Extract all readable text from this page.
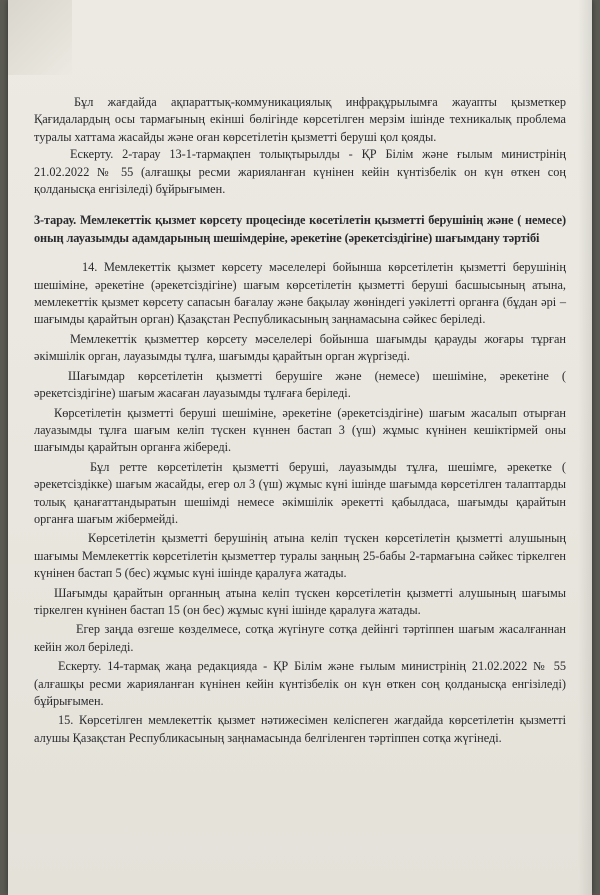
Бұл жағдайда ақпараттық-коммуникациялық инфрақұрылымға жауапты қызметкер Қағидалардың осы тармағының екінші бөлігінде көрсетілген мерзім ішінде техникалық проблема туралы хаттама жасайды және оған көрсетілетін қызметті беруші қол қояды.

Ескерту. 2-тарау 13-1-тармақпен толықтырылды - ҚР Білім және ғылым министрінің 21.02.2022 № 55 (алғашқы ресми жарияланған күнінен кейін күнтізбелік он күн өткен соң қолданысқа енгізіледі) бұйрығымен.

3-тарау. Мемлекеттік қызмет көрсету процесінде көсетілетін қызметті берушінің және ( немесе) оның лауазымды адамдарының шешімдеріне, әрекетіне (әрекетсіздігіне) шағымдану тәртібі

14. Мемлекеттік қызмет көрсету мәселелері бойынша көрсетілетін қызметті берушінің шешіміне, әрекетіне (әрекетсіздігіне) шағым көрсетілетін қызметті беруші басшысының атына, мемлекеттік қызмет көрсету сапасын бағалау және бақылау жөніндегі уәкілетті органға (бұдан әрі – шағымды қарайтын орган) Қазақстан Республикасының заңнамасына сәйкес беріледі.

Мемлекеттік қызметтер көрсету мәселелері бойынша шағымды қарауды жоғары тұрған әкімшілік орган, лауазымды тұлға, шағымды қарайтын орган жүргізеді.

Шағымдар көрсетілетін қызметті берушіге және (немесе) шешіміне, әрекетіне ( әрекетсіздігіне) шағым жасаған лауазымды тұлғаға беріледі.

Көрсетілетін қызметті беруші шешіміне, әрекетіне (әрекетсіздігіне) шағым жасалып отырған лауазымды тұлға шағым келіп түскен күннен бастап 3 (үш) жұмыс күнінен кешіктірмей оны шағымды қарайтын органға жібереді.

Бұл ретте көрсетілетін қызметті беруші, лауазымды тұлға, шешімге, әрекетке ( әрекетсіздікке) шағым жасайды, егер ол 3 (үш) жұмыс күні ішінде шағымда көрсетілген талаптарды толық қанағаттандыратын шешімді немесе әкімшілік әрекетті қабылдаса, шағымды қарайтын органға шағым жібермейді.

Көрсетілетін қызметті берушінің атына келіп түскен көрсетілетін қызметті алушының шағымы Мемлекеттік көрсетілетін қызметтер туралы заңның 25-бабы 2-тармағына сәйкес тіркелген күнінен бастап 5 (бес) жұмыс күні ішінде қаралуға жатады.

Шағымды қарайтын органның атына келіп түскен көрсетілетін қызметті алушының шағымы тіркелген күнінен бастап 15 (он бес) жұмыс күні ішінде қаралуға жатады.

Егер заңда өзгеше көзделмесе, сотқа жүгінуге сотқа дейінгі тәртіппен шағым жасалғаннан кейін жол беріледі.

Ескерту. 14-тармақ жаңа редакцияда - ҚР Білім және ғылым министрінің 21.02.2022 № 55 (алғашқы ресми жарияланған күнінен кейін күнтізбелік он күн өткен соң қолданысқа енгізіледі) бұйрығымен.

15. Көрсетілген мемлекеттік қызмет нәтижесімен келіспеген жағдайда көрсетілетін қызметті алушы Қазақстан Республикасының заңнамасында белгіленген тәртіппен сотқа жүгінеді.
